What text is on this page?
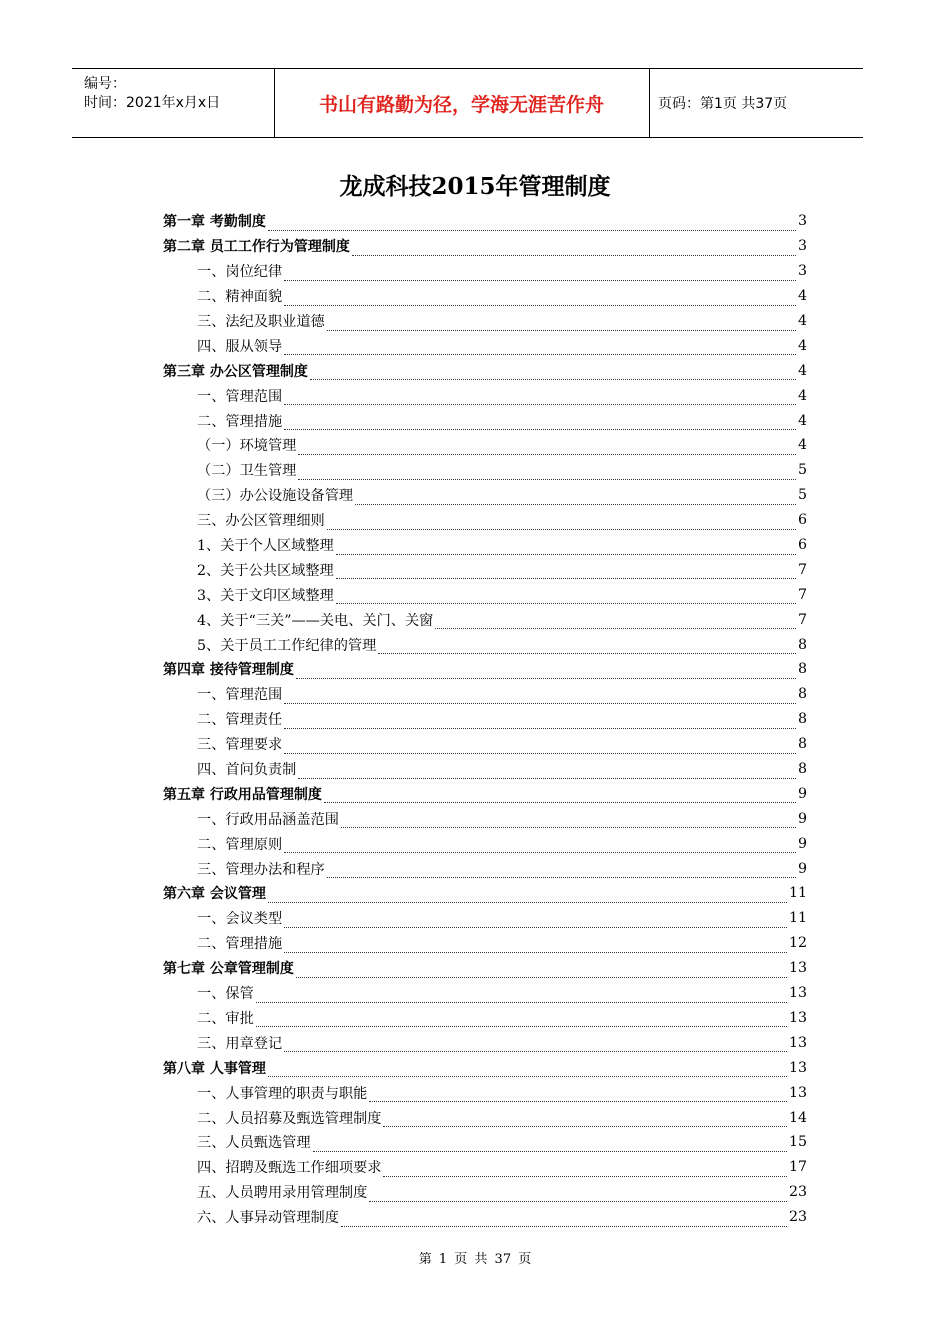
编号：
时间：2021年x月x日	书山有路勤为径，学海无涯苦作舟	页码：第1页 共37页
龙成科技2015年管理制度
第一章 考勤制度	3
第二章 员工工作行为管理制度	3
一、岗位纪律	3
二、精神面貌	4
三、法纪及职业道德	4
四、服从领导	4
第三章 办公区管理制度	4
一、管理范围	4
二、管理措施	4
（一）环境管理	4
（二）卫生管理	5
（三）办公设施设备管理	5
三、办公区管理细则	6
1、关于个人区域整理	6
2、关于公共区域整理	7
3、关于文印区域整理	7
4、关于“三关”——关电、关门、关窗	7
5、关于员工工作纪律的管理	8
第四章 接待管理制度	8
一、管理范围	8
二、管理责任	8
三、管理要求	8
四、首问负责制	8
第五章 行政用品管理制度	9
一、行政用品涵盖范围	9
二、管理原则	9
三、管理办法和程序	9
第六章 会议管理	11
一、会议类型	11
二、管理措施	12
第七章 公章管理制度	13
一、保管	13
二、审批	13
三、用章登记	13
第八章 人事管理	13
一、人事管理的职责与职能	13
二、人员招募及甄选管理制度	14
三、人员甄选管理	15
四、招聘及甄选工作细项要求	17
五、人员聘用录用管理制度	23
六、人事异动管理制度	23
第 1 页 共 37 页
